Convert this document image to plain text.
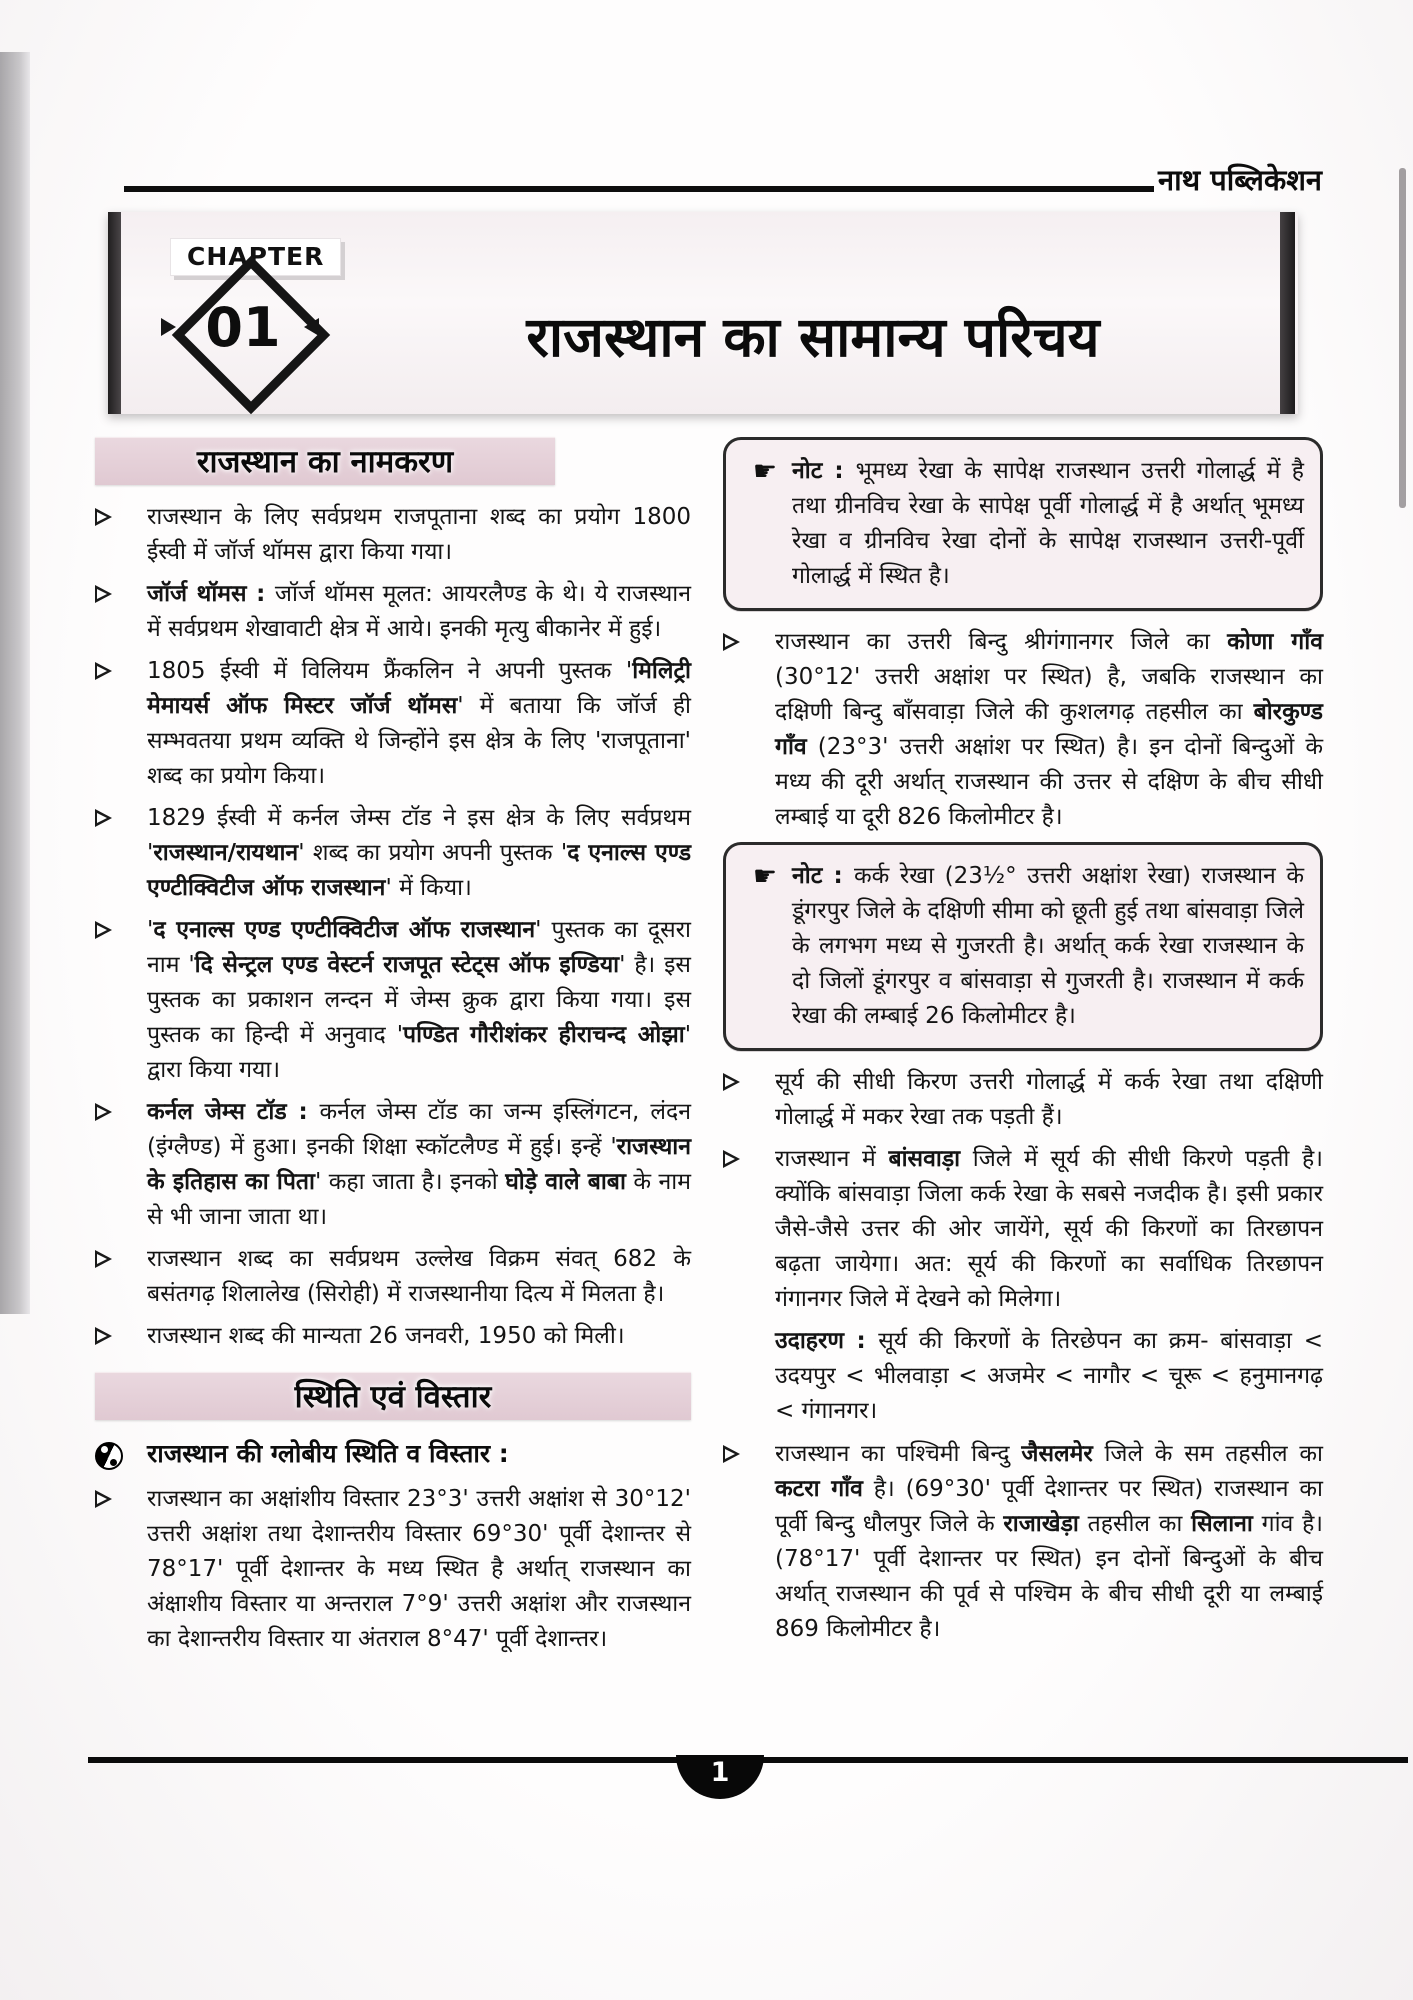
नाथ पब्लिकेशन
CHAPTER
01	राजस्थान का सामान्य परिचय
राजस्थान का नामकरण
राजस्थान के लिए सर्वप्रथम राजपूताना शब्द का प्रयोग 1800 ईस्वी में जॉर्ज थॉमस द्वारा किया गया।
जॉर्ज थॉमस : जॉर्ज थॉमस मूलत: आयरलैण्ड के थे। ये राजस्थान में सर्वप्रथम शेखावाटी क्षेत्र में आये। इनकी मृत्यु बीकानेर में हुई।
1805 ईस्वी में विलियम फ्रैंकलिन ने अपनी पुस्तक 'मिलिट्री मेमायर्स ऑफ मिस्टर जॉर्ज थॉमस' में बताया कि जॉर्ज ही सम्भवतया प्रथम व्यक्ति थे जिन्होंने इस क्षेत्र के लिए 'राजपूताना' शब्द का प्रयोग किया।
1829 ईस्वी में कर्नल जेम्स टॉड ने इस क्षेत्र के लिए सर्वप्रथम 'राजस्थान/रायथान' शब्द का प्रयोग अपनी पुस्तक 'द एनाल्स एण्ड एण्टीक्विटीज ऑफ राजस्थान' में किया।
'द एनाल्स एण्ड एण्टीक्विटीज ऑफ राजस्थान' पुस्तक का दूसरा नाम 'दि सेन्ट्रल एण्ड वेस्टर्न राजपूत स्टेट्स ऑफ इण्डिया' है। इस पुस्तक का प्रकाशन लन्दन में जेम्स क्रुक द्वारा किया गया। इस पुस्तक का हिन्दी में अनुवाद 'पण्डित गौरीशंकर हीराचन्द ओझा' द्वारा किया गया।
कर्नल जेम्स टॉड : कर्नल जेम्स टॉड का जन्म इस्लिंगटन, लंदन (इंग्लैण्ड) में हुआ। इनकी शिक्षा स्कॉटलैण्ड में हुई। इन्हें 'राजस्थान के इतिहास का पिता' कहा जाता है। इनको घोड़े वाले बाबा के नाम से भी जाना जाता था।
राजस्थान शब्द का सर्वप्रथम उल्लेख विक्रम संवत् 682 के बसंतगढ़ शिलालेख (सिरोही) में राजस्थानीया दित्य में मिलता है।
राजस्थान शब्द की मान्यता 26 जनवरी, 1950 को मिली।
स्थिति एवं विस्तार
राजस्थान की ग्लोबीय स्थिति व विस्तार :
राजस्थान का अक्षांशीय विस्तार 23°3' उत्तरी अक्षांश से 30°12' उत्तरी अक्षांश तथा देशान्तरीय विस्तार 69°30' पूर्वी देशान्तर से 78°17' पूर्वी देशान्तर के मध्य स्थित है अर्थात् राजस्थान का अंक्षाशीय विस्तार या अन्तराल 7°9' उत्तरी अक्षांश और राजस्थान का देशान्तरीय विस्तार या अंतराल 8°47' पूर्वी देशान्तर।
☛ नोट : भूमध्य रेखा के सापेक्ष राजस्थान उत्तरी गोलार्द्ध में है तथा ग्रीनविच रेखा के सापेक्ष पूर्वी गोलार्द्ध में है अर्थात् भूमध्य रेखा व ग्रीनविच रेखा दोनों के सापेक्ष राजस्थान उत्तरी-पूर्वी गोलार्द्ध में स्थित है।
राजस्थान का उत्तरी बिन्दु श्रीगंगानगर जिले का कोणा गाँव (30°12' उत्तरी अक्षांश पर स्थित) है, जबकि राजस्थान का दक्षिणी बिन्दु बाँसवाड़ा जिले की कुशलगढ़ तहसील का बोरकुण्ड गाँव (23°3' उत्तरी अक्षांश पर स्थित) है। इन दोनों बिन्दुओं के मध्य की दूरी अर्थात् राजस्थान की उत्तर से दक्षिण के बीच सीधी लम्बाई या दूरी 826 किलोमीटर है।
☛ नोट : कर्क रेखा (23½° उत्तरी अक्षांश रेखा) राजस्थान के डूंगरपुर जिले के दक्षिणी सीमा को छूती हुई तथा बांसवाड़ा जिले के लगभग मध्य से गुजरती है। अर्थात् कर्क रेखा राजस्थान के दो जिलों डूंगरपुर व बांसवाड़ा से गुजरती है। राजस्थान में कर्क रेखा की लम्बाई 26 किलोमीटर है।
सूर्य की सीधी किरण उत्तरी गोलार्द्ध में कर्क रेखा तथा दक्षिणी गोलार्द्ध में मकर रेखा तक पड़ती हैं।
राजस्थान में बांसवाड़ा जिले में सूर्य की सीधी किरणे पड़ती है। क्योंकि बांसवाड़ा जिला कर्क रेखा के सबसे नजदीक है। इसी प्रकार जैसे-जैसे उत्तर की ओर जायेंगे, सूर्य की किरणों का तिरछापन बढ़ता जायेगा। अत: सूर्य की किरणों का सर्वाधिक तिरछापन गंगानगर जिले में देखने को मिलेगा।
उदाहरण : सूर्य की किरणों के तिरछेपन का क्रम- बांसवाड़ा < उदयपुर < भीलवाड़ा < अजमेर < नागौर < चूरू < हनुमानगढ़ < गंगानगर।
राजस्थान का पश्चिमी बिन्दु जैसलमेर जिले के सम तहसील का कटरा गाँव है। (69°30' पूर्वी देशान्तर पर स्थित) राजस्थान का पूर्वी बिन्दु धौलपुर जिले के राजाखेड़ा तहसील का सिलाना गांव है। (78°17' पूर्वी देशान्तर पर स्थित) इन दोनों बिन्दुओं के बीच अर्थात् राजस्थान की पूर्व से पश्चिम के बीच सीधी दूरी या लम्बाई 869 किलोमीटर है।
1
